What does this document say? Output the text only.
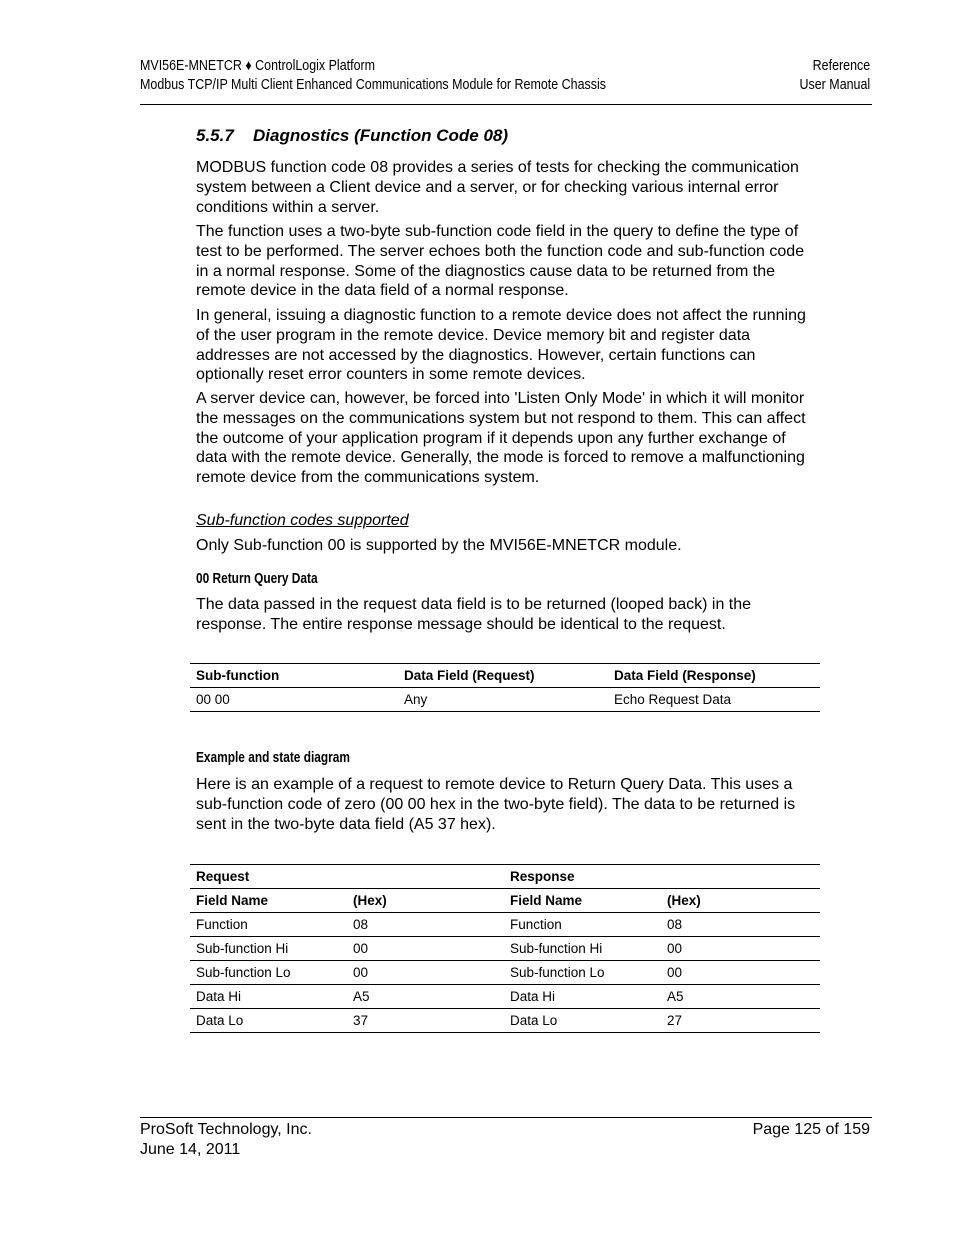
MVI56E-MNETCR ♦ ControlLogix Platform
Modbus TCP/IP Multi Client Enhanced Communications Module for Remote Chassis
Reference
User Manual
5.5.7 Diagnostics (Function Code 08)

MODBUS function code 08 provides a series of tests for checking the communication system between a Client device and a server, or for checking various internal error conditions within a server.

The function uses a two-byte sub-function code field in the query to define the type of test to be performed. The server echoes both the function code and sub-function code in a normal response. Some of the diagnostics cause data to be returned from the remote device in the data field of a normal response.

In general, issuing a diagnostic function to a remote device does not affect the running of the user program in the remote device. Device memory bit and register data addresses are not accessed by the diagnostics. However, certain functions can optionally reset error counters in some remote devices.

A server device can, however, be forced into 'Listen Only Mode' in which it will monitor the messages on the communications system but not respond to them. This can affect the outcome of your application program if it depends upon any further exchange of data with the remote device. Generally, the mode is forced to remove a malfunctioning remote device from the communications system.

Sub-function codes supported

Only Sub-function 00 is supported by the MVI56E-MNETCR module.

00 Return Query Data

The data passed in the request data field is to be returned (looped back) in the response. The entire response message should be identical to the request.

Example and state diagram

Here is an example of a request to remote device to Return Query Data. This uses a sub-function code of zero (00 00 hex in the two-byte field). The data to be returned is sent in the two-byte data field (A5 37 hex).

Sub-function	Data Field (Request)	Data Field (Response)
00 00	Any	Echo Request Data
Request		Response	
Field Name	(Hex)	Field Name	(Hex)
Function	08	Function	08
Sub-function Hi	00	Sub-function Hi	00
Sub-function Lo	00	Sub-function Lo	00
Data Hi	A5	Data Hi	A5
Data Lo	37	Data Lo	27
ProSoft Technology, Inc.
June 14, 2011
Page 125 of 159
